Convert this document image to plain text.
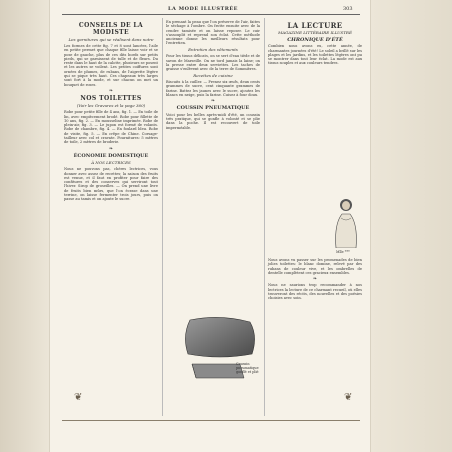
LA MODE ILLUSTRÉE	303
CONSEILS DE LA MODISTE
Les garnitures qui se réalisent dans notre

Les formes de cette fig. 7 et 8 sont lancées, l'aile en petite permet que chaque fille laisse voir et se pose de gauche, plus de ces dits bords sur petits pieds, qui se garnissent de tulle et de fleurs. Du reste dans le haut de la calotte, plusieurs se posent et les autres se voilent. Les petites coiffures sont ornées de plumes, de rubans, de l'aigrette légère qui se pique très haut. Ces chapeaux très larges sont fort à la mode, et sur chacun on met un bouquet de roses.

❧
NOS TOILETTES
(Voir les Gravures et la page 360)

Robe pour petite fille de 4 ans, fig. 1. — En toile de lin, avec empiècement brodé. Robe pour fillette de 10 ans, fig. 2. — En mousseline imprimée. Robe de plein-air, fig. 3. — Le jupon est formé de volants. Robe de chambre, fig. 4. — En foulard bleu. Robe de visite, fig. 5. — En crêpe de Chine. Corsage-tailleur avec col et cravate. Fournitures: 5 mètres de toile, 2 mètres de broderie.

❧
ÉCONOMIE DOMESTIQUE
À NOS LECTRICES

Nous ne pouvons pas, chères lectrices, vous donner avec assez de recettes; la saison des fruits est venue, et il faut en profiter pour faire des confitures et des conserves qui serviront tout l'hiver. Sirop de groseilles. — On prend une livre de fruits bien mûrs, que l'on écrase dans une terrine, on laisse fermenter trois jours, puis on passe au tamis et on ajoute le sucre.

En prenant la peau que l'on préserve de l'air, faites le séchage à l'ombre. On frotte ensuite avec de la cendre tamisée et on laisse reposer. Le cuir s'assouplit et reprend son éclat. Cette méthode ancienne donne les meilleurs résultats pour l'entretien.

Entretien des vêtements

Pour les tissus délicats, on se sert d'eau tiède et de savon de Marseille. On ne tord jamais la laine; on la presse entre deux serviettes. Les taches de graisse s'enlèvent avec de la terre de Sommières.

Recettes de cuisine

Biscuits à la cuiller. — Prenez six œufs, deux cents grammes de sucre, cent cinquante grammes de farine. Battez les jaunes avec le sucre, ajoutez les blancs en neige, puis la farine. Cuisez à four doux.

❧
COUSSIN PNEUMATIQUE

Voici pour les belles après-midi d'été, un coussin très pratique, qui se gonfle à volonté et se plie dans la poche. Il est recouvert de toile imperméable.

Coussin pneumatique gonflé et plié
LA LECTURE
MAGAZINE LITTÉRAIRE ILLUSTRÉ
CHRONIQUE D'ÉTÉ

Combien nous avons eu, cette année, de charmantes journées d'été! Le soleil a brillé sur les plages et les jardins, et les toilettes légères ont pu se montrer dans tout leur éclat. La mode est aux tissus souples et aux couleurs tendres.

Mlle ***

Nous avons vu passer sur les promenades de bien jolies toilettes: le blanc domine, relevé par des rubans de couleur vive, et les ombrelles de dentelle complètent ces gracieux ensembles.

❧

Nous ne saurions trop recommander à nos lectrices la lecture de ce charmant recueil, où elles trouveront des récits, des nouvelles et des poésies choisies avec soin.

❦	❦
